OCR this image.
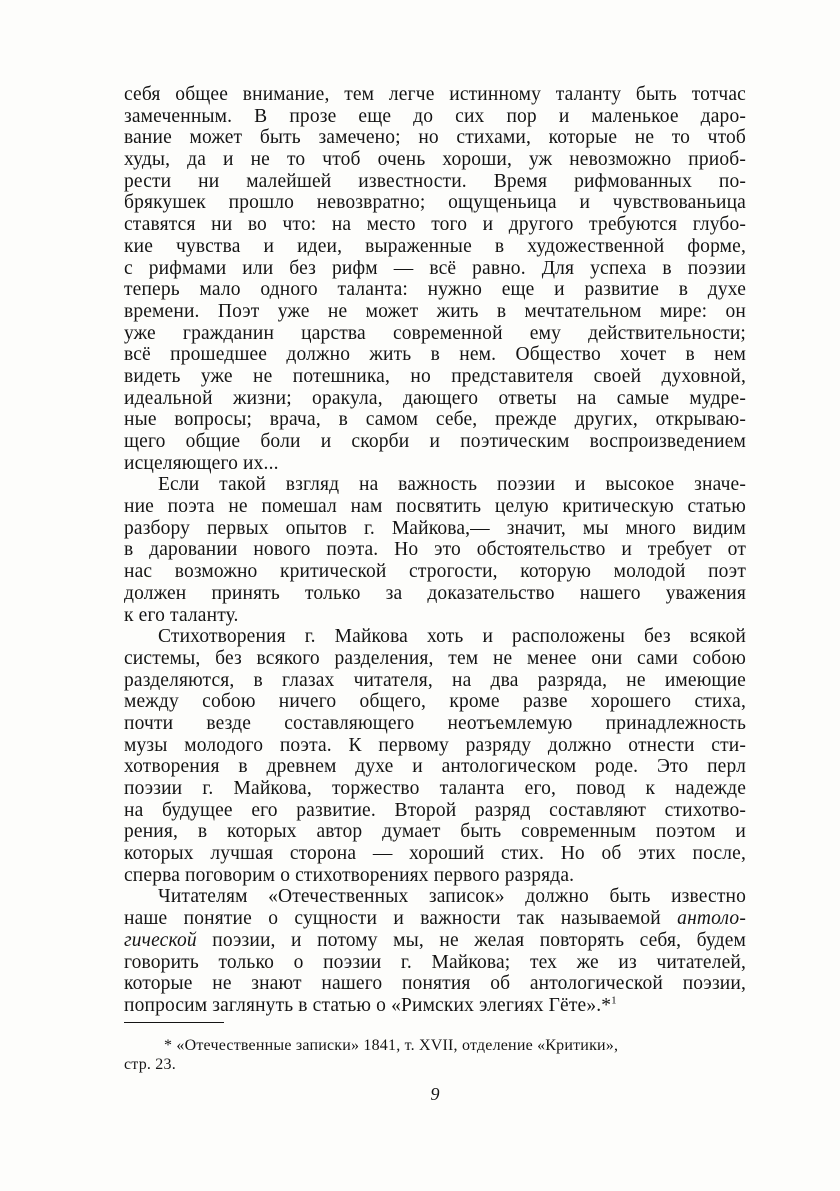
себя общее внимание, тем легче истинному таланту быть тотчас
замеченным. В прозе еще до сих пор и маленькое даро-
вание может быть замечено; но стихами, которые не то чтоб
худы, да и не то чтоб очень хороши, уж невозможно приоб-
рести ни малейшей известности. Время рифмованных по-
брякушек прошло невозвратно; ощущеньица и чувствованьица
ставятся ни во что: на место того и другого требуются глубо-
кие чувства и идеи, выраженные в художественной форме,
с рифмами или без рифм — всё равно. Для успеха в поэзии
теперь мало одного таланта: нужно еще и развитие в духе
времени. Поэт уже не может жить в мечтательном мире: он
уже гражданин царства современной ему действительности;
всё прошедшее должно жить в нем. Общество хочет в нем
видеть уже не потешника, но представителя своей духовной,
идеальной жизни; оракула, дающего ответы на самые мудре-
ные вопросы; врача, в самом себе, прежде других, открываю-
щего общие боли и скорби и поэтическим воспроизведением
исцеляющего их...
Если такой взгляд на важность поэзии и высокое значе-
ние поэта не помешал нам посвятить целую критическую статью
разбору первых опытов г. Майкова,— значит, мы много видим
в даровании нового поэта. Но это обстоятельство и требует от
нас возможно критической строгости, которую молодой поэт
должен принять только за доказательство нашего уважения
к его таланту.
Стихотворения г. Майкова хоть и расположены без всякой
системы, без всякого разделения, тем не менее они сами собою
разделяются, в глазах читателя, на два разряда, не имеющие
между собою ничего общего, кроме разве хорошего стиха,
почти везде составляющего неотъемлемую принадлежность
музы молодого поэта. К первому разряду должно отнести сти-
хотворения в древнем духе и антологическом роде. Это перл
поэзии г. Майкова, торжество таланта его, повод к надежде
на будущее его развитие. Второй разряд составляют стихотво-
рения, в которых автор думает быть современным поэтом и
которых лучшая сторона — хороший стих. Но об этих после,
сперва поговорим о стихотворениях первого разряда.
Читателям «Отечественных записок» должно быть известно
наше понятие о сущности и важности так называемой антоло-
гической поэзии, и потому мы, не желая повторять себя, будем
говорить только о поэзии г. Майкова; тех же из читателей,
которые не знают нашего понятия об антологической поэзии,
попросим заглянуть в статью о «Римских элегиях Гёте».*$^1$
* «Отечественные записки» 1841, т. XVII, отделение «Критики»,
стр. 23.
9
